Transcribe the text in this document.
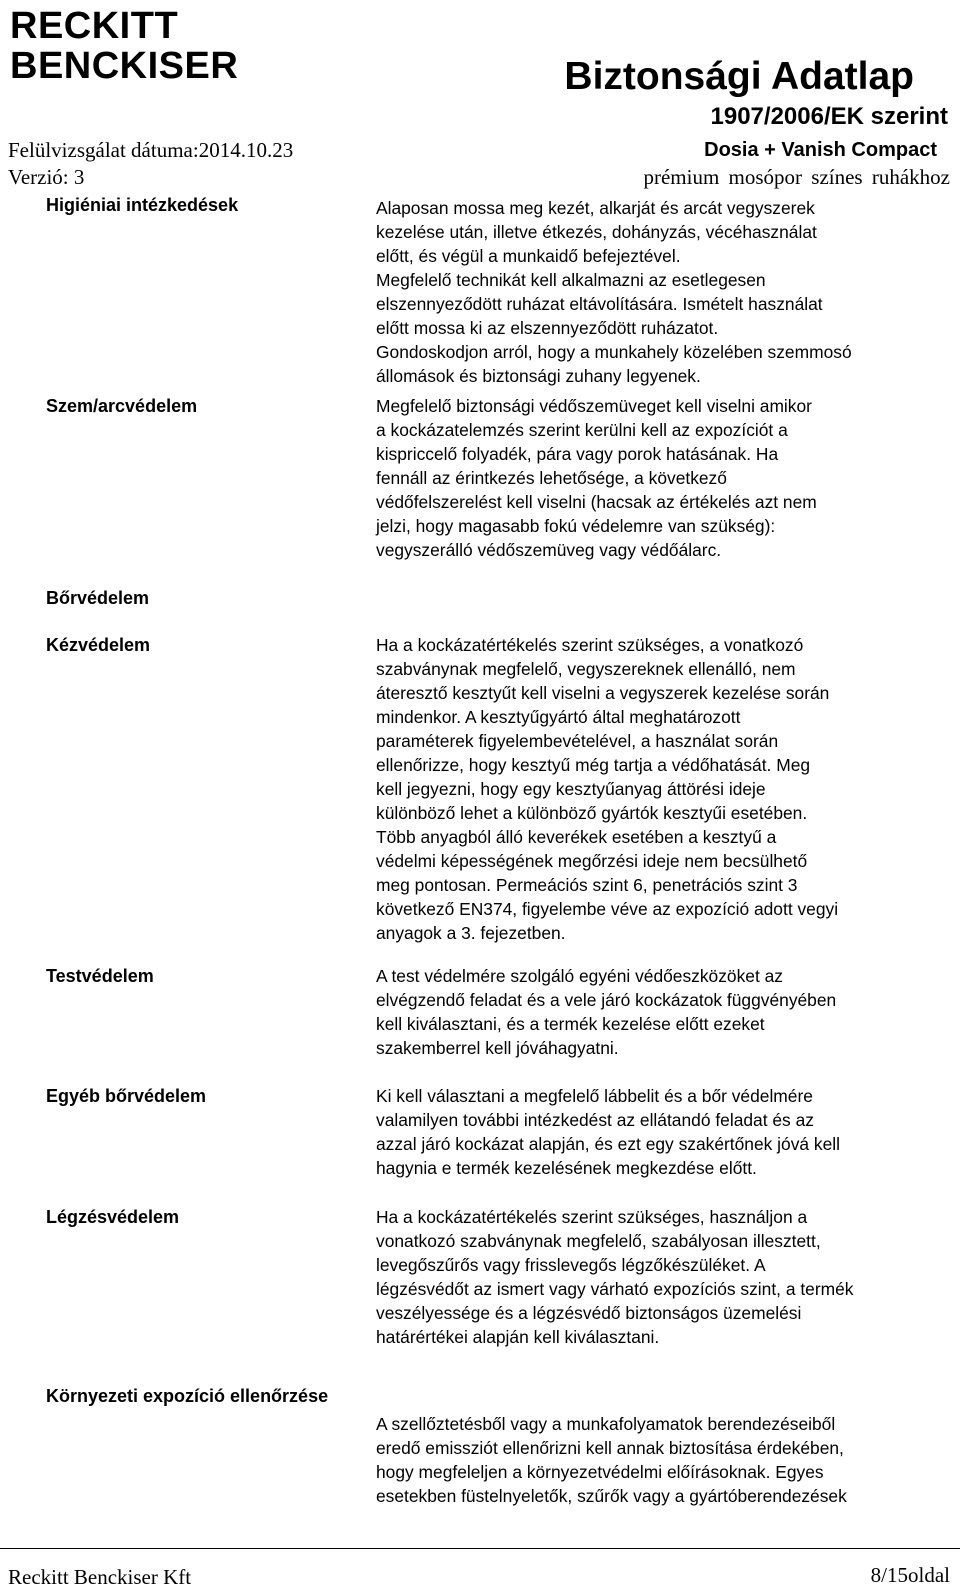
RECKITT
BENCKISER	Biztonsági Adatlap
1907/2006/EK szerint
Dosia + Vanish Compact
prémium mosópor színes ruhákhoz
Felülvizsgálat dátuma:2014.10.23
Verzió: 3
Higiéniai intézkedések	Alaposan mossa meg kezét, alkarját és arcát vegyszerek
kezelése után, illetve étkezés, dohányzás, vécéhasználat
előtt, és végül a munkaidő befejeztével.
Megfelelő technikát kell alkalmazni az esetlegesen
elszennyeződött ruházat eltávolítására. Ismételt használat
előtt mossa ki az elszennyeződött ruházatot.
Gondoskodjon arról, hogy a munkahely közelében szemmosó
állomások és biztonsági zuhany legyenek.
Szem/arcvédelem	Megfelelő biztonsági védőszemüveget kell viselni amikor
a kockázatelemzés szerint kerülni kell az expozíciót a
kispriccelő folyadék, pára vagy porok hatásának. Ha
fennáll az érintkezés lehetősége, a következő
védőfelszerelést kell viselni (hacsak az értékelés azt nem
jelzi, hogy magasabb fokú védelemre van szükség):
vegyszerálló védőszemüveg vagy védőálarc.
Bőrvédelem
Kézvédelem	Ha a kockázatértékelés szerint szükséges, a vonatkozó
szabványnak megfelelő, vegyszereknek ellenálló, nem
áteresztő kesztyűt kell viselni a vegyszerek kezelése során
mindenkor. A kesztyűgyártó által meghatározott
paraméterek figyelembevételével, a használat során
ellenőrizze, hogy kesztyű még tartja a védőhatását. Meg
kell jegyezni, hogy egy kesztyűanyag áttörési ideje
különböző lehet a különböző gyártók kesztyűi esetében.
Több anyagból álló keverékek esetében a kesztyű a
védelmi képességének megőrzési ideje nem becsülhető
meg pontosan. Permeációs szint 6, penetrációs szint 3
következő EN374, figyelembe véve az expozíció adott vegyi
anyagok a 3. fejezetben.
Testvédelem	A test védelmére szolgáló egyéni védőeszközöket az
elvégzendő feladat és a vele járó kockázatok függvényében
kell kiválasztani, és a termék kezelése előtt ezeket
szakemberrel kell jóváhagyatni.
Egyéb bőrvédelem	Ki kell választani a megfelelő lábbelit és a bőr védelmére
valamilyen további intézkedést az ellátandó feladat és az
azzal járó kockázat alapján, és ezt egy szakértőnek jóvá kell
hagynia e termék kezelésének megkezdése előtt.
Légzésvédelem	Ha a kockázatértékelés szerint szükséges, használjon a
vonatkozó szabványnak megfelelő, szabályosan illesztett,
levegőszűrős vagy frisslevegős légzőkészüléket. A
légzésvédőt az ismert vagy várható expozíciós szint, a termék
veszélyessége és a légzésvédő biztonságos üzemelési
határértékei alapján kell kiválasztani.
Környezeti expozíció ellenőrzése
A szellőztetésből vagy a munkafolyamatok berendezéseiből
eredő emissziót ellenőrizni kell annak biztosítása érdekében,
hogy megfeleljen a környezetvédelmi előírásoknak. Egyes
esetekben füstelnyeletők, szűrők vagy a gyártóberendezések
Reckitt Benckiser Kft	8/15oldal
